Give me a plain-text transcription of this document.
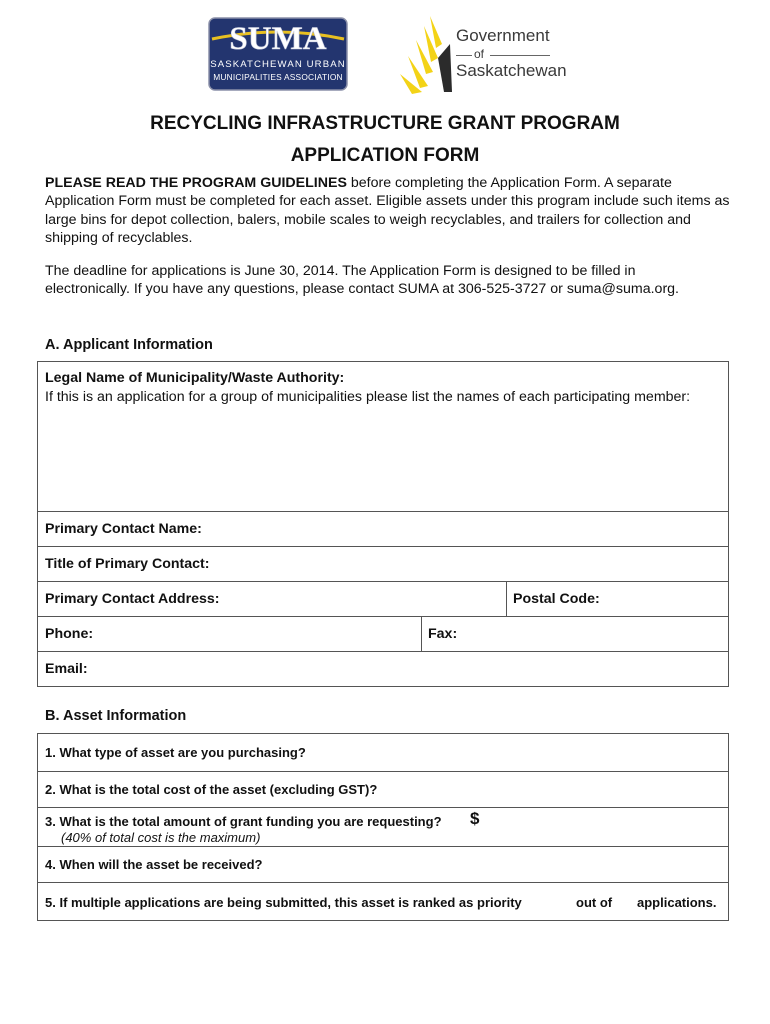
SUMA
SASKATCHEWAN URBAN
MUNICIPALITIES ASSOCIATION
Government
of
Saskatchewan
RECYCLING INFRASTRUCTURE GRANT PROGRAM
APPLICATION FORM
PLEASE READ THE PROGRAM GUIDELINES before completing the Application Form. A separate Application Form must be completed for each asset. Eligible assets under this program include such items as large bins for depot collection, balers, mobile scales to weigh recyclables, and trailers for collection and shipping of recyclables.
The deadline for applications is June 30, 2014. The Application Form is designed to be filled in electronically. If you have any questions, please contact SUMA at 306-525-3727 or suma@suma.org.
A. Applicant Information
Legal Name of Municipality/Waste Authority:
If this is an application for a group of municipalities please list the names of each participating member:
Primary Contact Name:
Title of Primary Contact:
Primary Contact Address:	Postal Code:
Phone:	Fax:
Email:
B. Asset Information
1. What type of asset are you purchasing?
2. What is the total cost of the asset (excluding GST)?
3. What is the total amount of grant funding you are requesting? $
(40% of total cost is the maximum)
4. When will the asset be received?
5. If multiple applications are being submitted, this asset is ranked as priority	out of applications.
